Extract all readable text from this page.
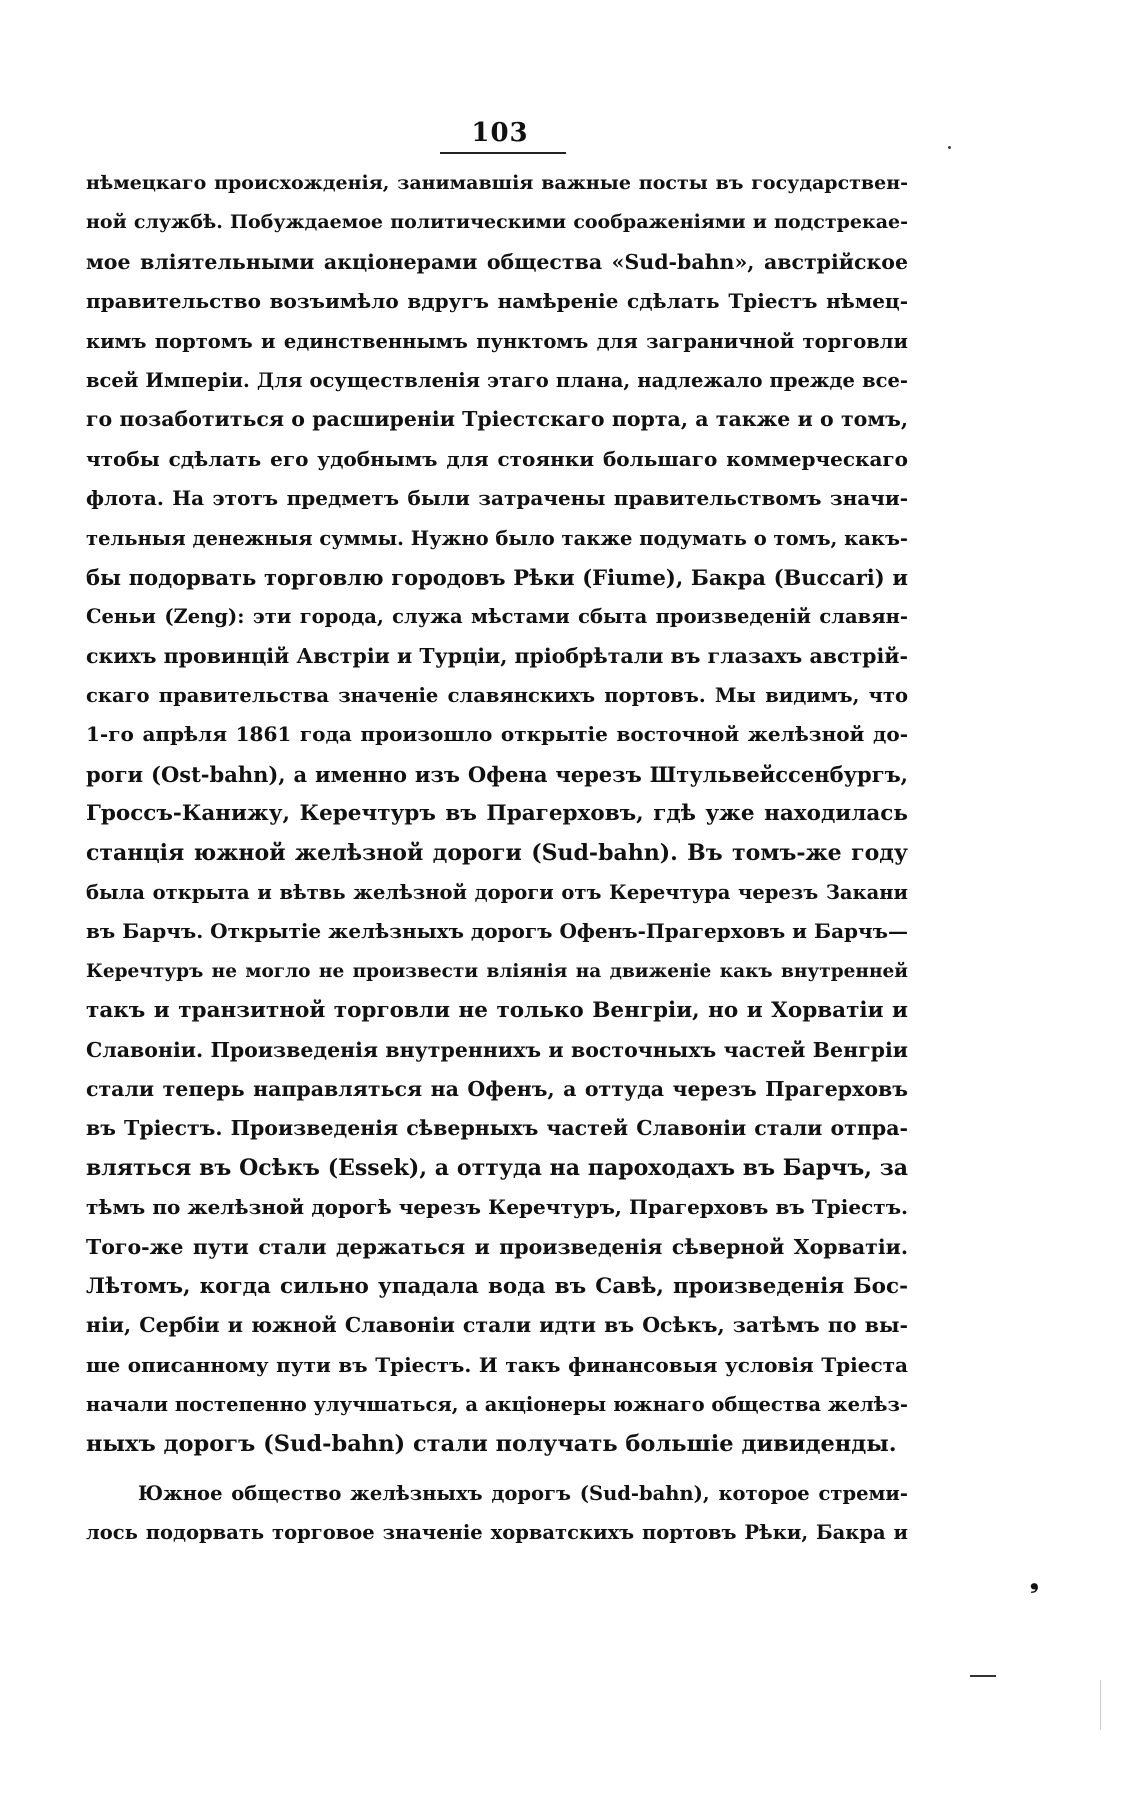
103
нѣмецкаго происхожденія, занимавшія важные посты въ государствен-
ной службѣ. Побуждаемое политическими соображеніями и подстрекае-
мое вліятельными акціонерами общества «Sud-bahn», австрійское
правительство возъимѣло вдругъ намѣреніе сдѣлать Тріестъ нѣмец-
кимъ портомъ и единственнымъ пунктомъ для заграничной торговли
всей Имперіи. Для осуществленія этаго плана, надлежало прежде все-
го позаботиться о расширеніи Тріестскаго порта, а также и о томъ,
чтобы сдѣлать его удобнымъ для стоянки большаго коммерческаго
флота. На этотъ предметъ были затрачены правительствомъ значи-
тельныя денежныя суммы. Нужно было также подумать о томъ, какъ-
бы подорвать торговлю городовъ Рѣки (Fiume), Бакра (Buccari) и
Сеньи (Zeng): эти города, служа мѣстами сбыта произведеній славян-
скихъ провинцій Австріи и Турціи, пріобрѣтали въ глазахъ австрій-
скаго правительства значеніе славянскихъ портовъ. Мы видимъ, что
1-го апрѣля 1861 года произошло открытіе восточной желѣзной до-
роги (Ost-bahn), а именно изъ Офена черезъ Штульвейссенбургъ,
Гроссъ-Канижу, Керечтуръ въ Прагерховъ, гдѣ уже находилась
станція южной желѣзной дороги (Sud-bahn). Въ томъ-же году
была открыта и вѣтвь желѣзной дороги отъ Керечтура черезъ Закани
въ Барчъ. Открытіе желѣзныхъ дорогъ Офенъ-Прагерховъ и Барчъ—
Керечтуръ не могло не произвести вліянія на движеніе какъ внутренней
такъ и транзитной торговли не только Венгріи, но и Хорватіи и
Славоніи. Произведенія внутреннихъ и восточныхъ частей Венгріи
стали теперь направляться на Офенъ, а оттуда черезъ Прагерховъ
въ Тріестъ. Произведенія сѣверныхъ частей Славоніи стали отпра-
вляться въ Осѣкъ (Essek), а оттуда на пароходахъ въ Барчъ, за
тѣмъ по желѣзной дорогѣ черезъ Керечтуръ, Прагерховъ въ Тріестъ.
Того-же пути стали держаться и произведенія сѣверной Хорватіи.
Лѣтомъ, когда сильно упадала вода въ Савѣ, произведенія Бос-
ніи, Сербіи и южной Славоніи стали идти въ Осѣкъ, затѣмъ по вы-
ше описанному пути въ Тріестъ. И такъ финансовыя условія Тріеста
начали постепенно улучшаться, а акціонеры южнаго общества желѣз-
ныхъ дорогъ (Sud-bahn) стали получать большіе дивиденды.
Южное общество желѣзныхъ дорогъ (Sud-bahn), которое стреми-
лось подорвать торговое значеніе хорватскихъ портовъ Рѣки, Бакра и
❟
